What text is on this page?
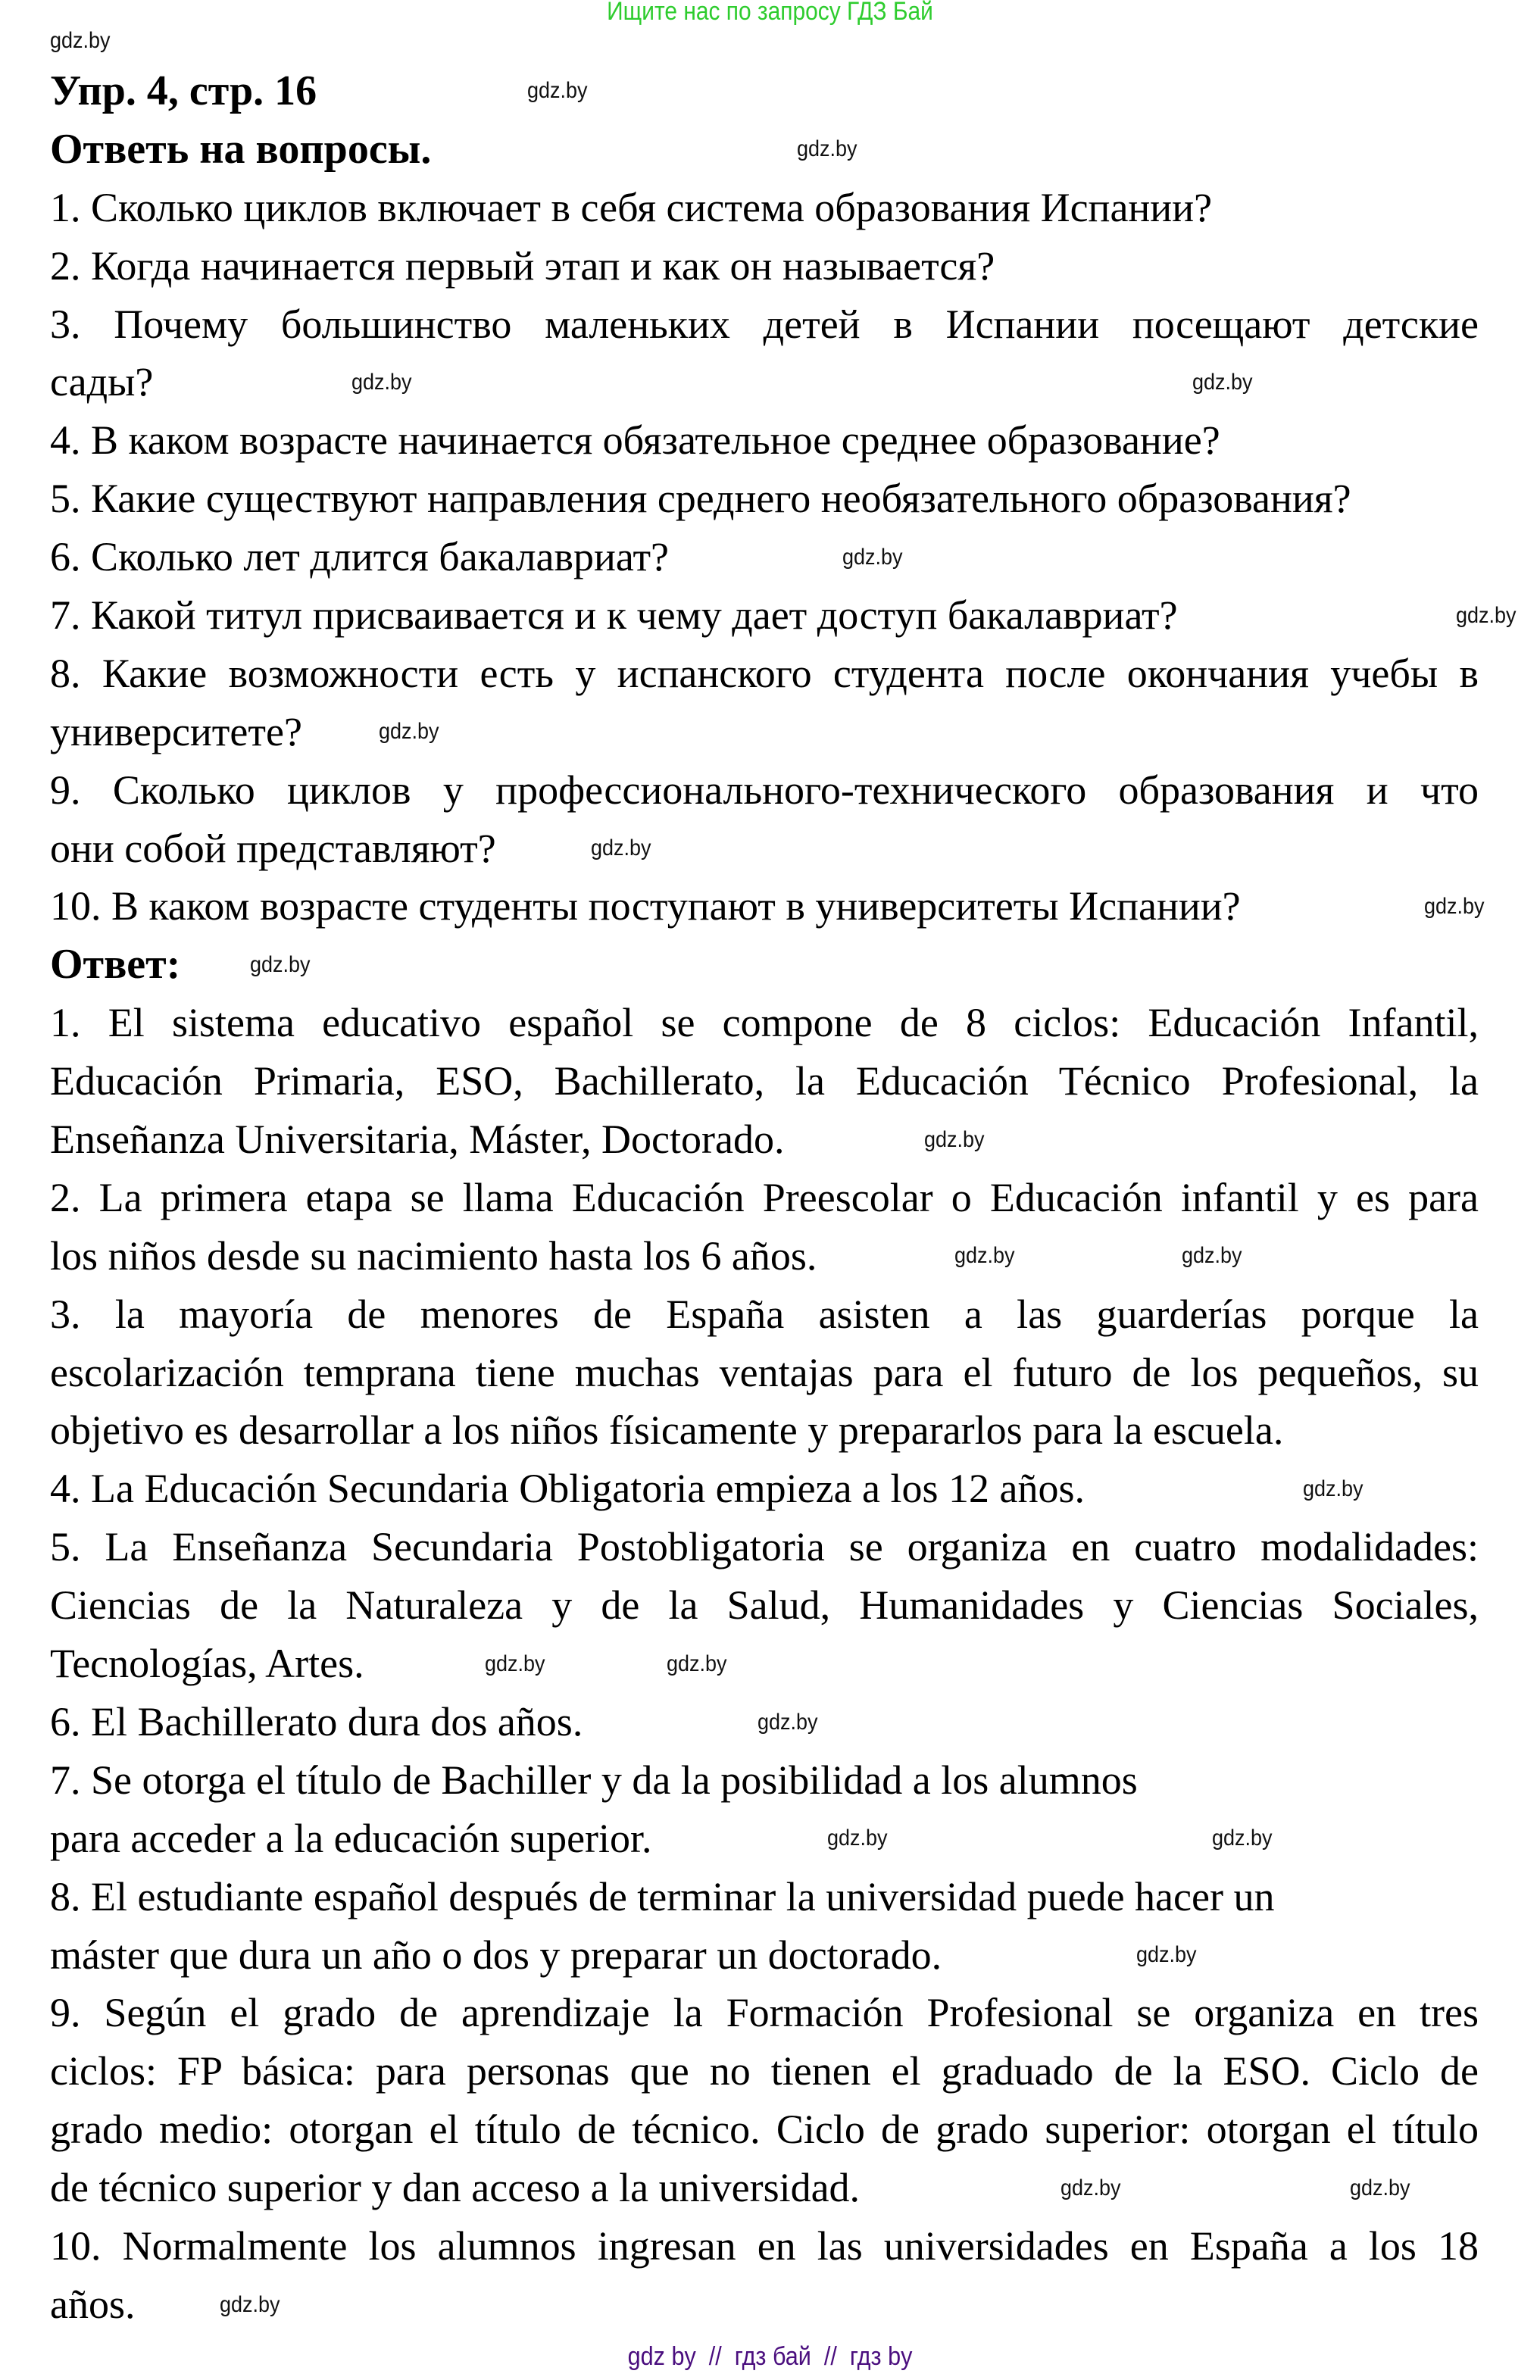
Ищите нас по запросу ГДЗ Бай
Упр. 4, стр. 16
Ответь на вопросы.
1. Сколько циклов включает в себя система образования Испании?
2. Когда начинается первый этап и как он называется?
3. Почему большинство маленьких детей в Испании посещают детские
сады?
4. В каком возрасте начинается обязательное среднее образование?
5. Какие существуют направления среднего необязательного образования?
6. Сколько лет длится бакалавриат?
7. Какой титул присваивается и к чему дает доступ бакалавриат?
8. Какие возможности есть у испанского студента после окончания учебы в
университете?
9. Сколько циклов у профессионального-технического образования и что
они собой представляют?
10. В каком возрасте студенты поступают в университеты Испании?
Ответ:
1. El sistema educativo español se compone de 8 ciclos: Educación Infantil,
Educación Primaria, ESO, Bachillerato, la Educación Técnico Profesional, la
Enseñanza Universitaria, Máster, Doctorado.
2. La primera etapa se llama Educación Preescolar o Educación infantil y es para
los niños desde su nacimiento hasta los 6 años.
3. la mayoría de menores de España asisten a las guarderías porque la
escolarización temprana tiene muchas ventajas para el futuro de los pequeños, su
objetivo es desarrollar a los niños físicamente y prepararlos para la escuela.
4. La Educación Secundaria Obligatoria empieza a los 12 años.
5. La Enseñanza Secundaria Postobligatoria se organiza en cuatro modalidades:
Ciencias de la Naturaleza y de la Salud, Humanidades y Ciencias Sociales,
Tecnologías, Artes.
6. El Bachillerato dura dos años.
7. Se otorga el título de Bachiller y da la posibilidad a los alumnos
para acceder a la educación superior.
8. El estudiante español después de terminar la universidad puede hacer un
máster que dura un año o dos y preparar un doctorado.
9. Según el grado de aprendizaje la Formación Profesional se organiza en tres
ciclos: FP básica: para personas que no tienen el graduado de la ESO. Ciclo de
grado medio: otorgan el título de técnico. Ciclo de grado superior: otorgan el título
de técnico superior y dan acceso a la universidad.
10. Normalmente los alumnos ingresan en las universidades en España a los 18
años.
gdz by  //  гдз бай  //  гдз by
gdz.by
gdz.by
gdz.by
gdz.by	gdz.by
gdz.by
gdz.by
gdz.by
gdz.by
gdz.by
gdz.by
gdz.by
gdz.by	gdz.by
gdz.by
gdz.by	gdz.by
gdz.by
gdz.by	gdz.by
gdz.by
gdz.by	gdz.by
gdz.by
